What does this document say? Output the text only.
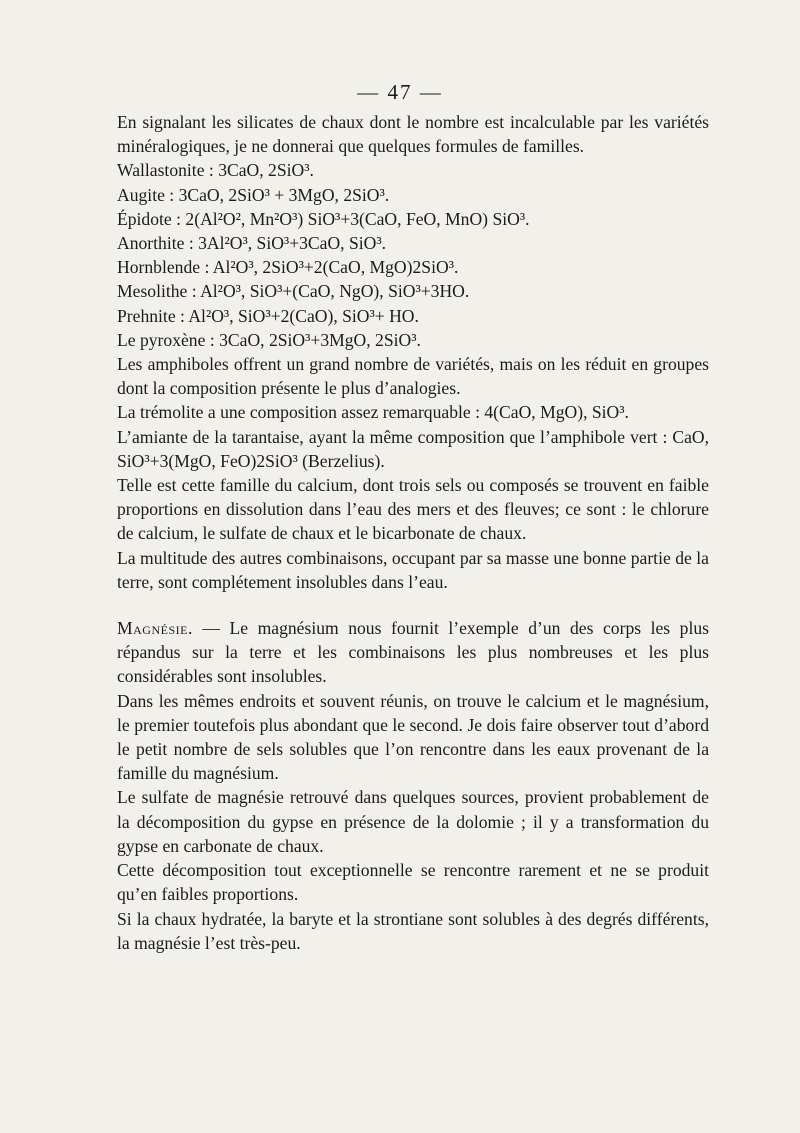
— 47 —

En signalant les silicates de chaux dont le nombre est incalculable par les variétés minéralogiques, je ne donnerai que quelques formules de familles.

Wallastonite : 3CaO, 2SiO³.

Augite : 3CaO, 2SiO³ + 3MgO, 2SiO³.

Épidote : 2(Al²O², Mn²O³) SiO³+3(CaO, FeO, MnO) SiO³.

Anorthite : 3Al²O³, SiO³+3CaO, SiO³.

Hornblende : Al²O³, 2SiO³+2(CaO, MgO)2SiO³.

Mesolithe : Al²O³, SiO³+(CaO, NgO), SiO³+3HO.

Prehnite : Al²O³, SiO³+2(CaO), SiO³+ HO.

Le pyroxène : 3CaO, 2SiO³+3MgO, 2SiO³.

Les amphiboles offrent un grand nombre de variétés, mais on les réduit en groupes dont la composition présente le plus d’analogies.

La trémolite a une composition assez remarquable : 4(CaO, MgO), SiO³.

L’amiante de la tarantaise, ayant la même composition que l’amphibole vert : CaO, SiO³+3(MgO, FeO)2SiO³ (Berzelius).

Telle est cette famille du calcium, dont trois sels ou composés se trouvent en faible proportions en dissolution dans l’eau des mers et des fleuves; ce sont : le chlorure de calcium, le sulfate de chaux et le bicarbonate de chaux.

La multitude des autres combinaisons, occupant par sa masse une bonne partie de la terre, sont complétement insolubles dans l’eau.

Magnésie. — Le magnésium nous fournit l’exemple d’un des corps les plus répandus sur la terre et les combinaisons les plus nombreuses et les plus considérables sont insolubles.

Dans les mêmes endroits et souvent réunis, on trouve le calcium et le magnésium, le premier toutefois plus abondant que le second. Je dois faire observer tout d’abord le petit nombre de sels solubles que l’on rencontre dans les eaux provenant de la famille du magnésium.

Le sulfate de magnésie retrouvé dans quelques sources, provient probablement de la décomposition du gypse en présence de la dolomie ; il y a transformation du gypse en carbonate de chaux.

Cette décomposition tout exceptionnelle se rencontre rarement et ne se produit qu’en faibles proportions.

Si la chaux hydratée, la baryte et la strontiane sont solubles à des degrés différents, la magnésie l’est très-peu.
